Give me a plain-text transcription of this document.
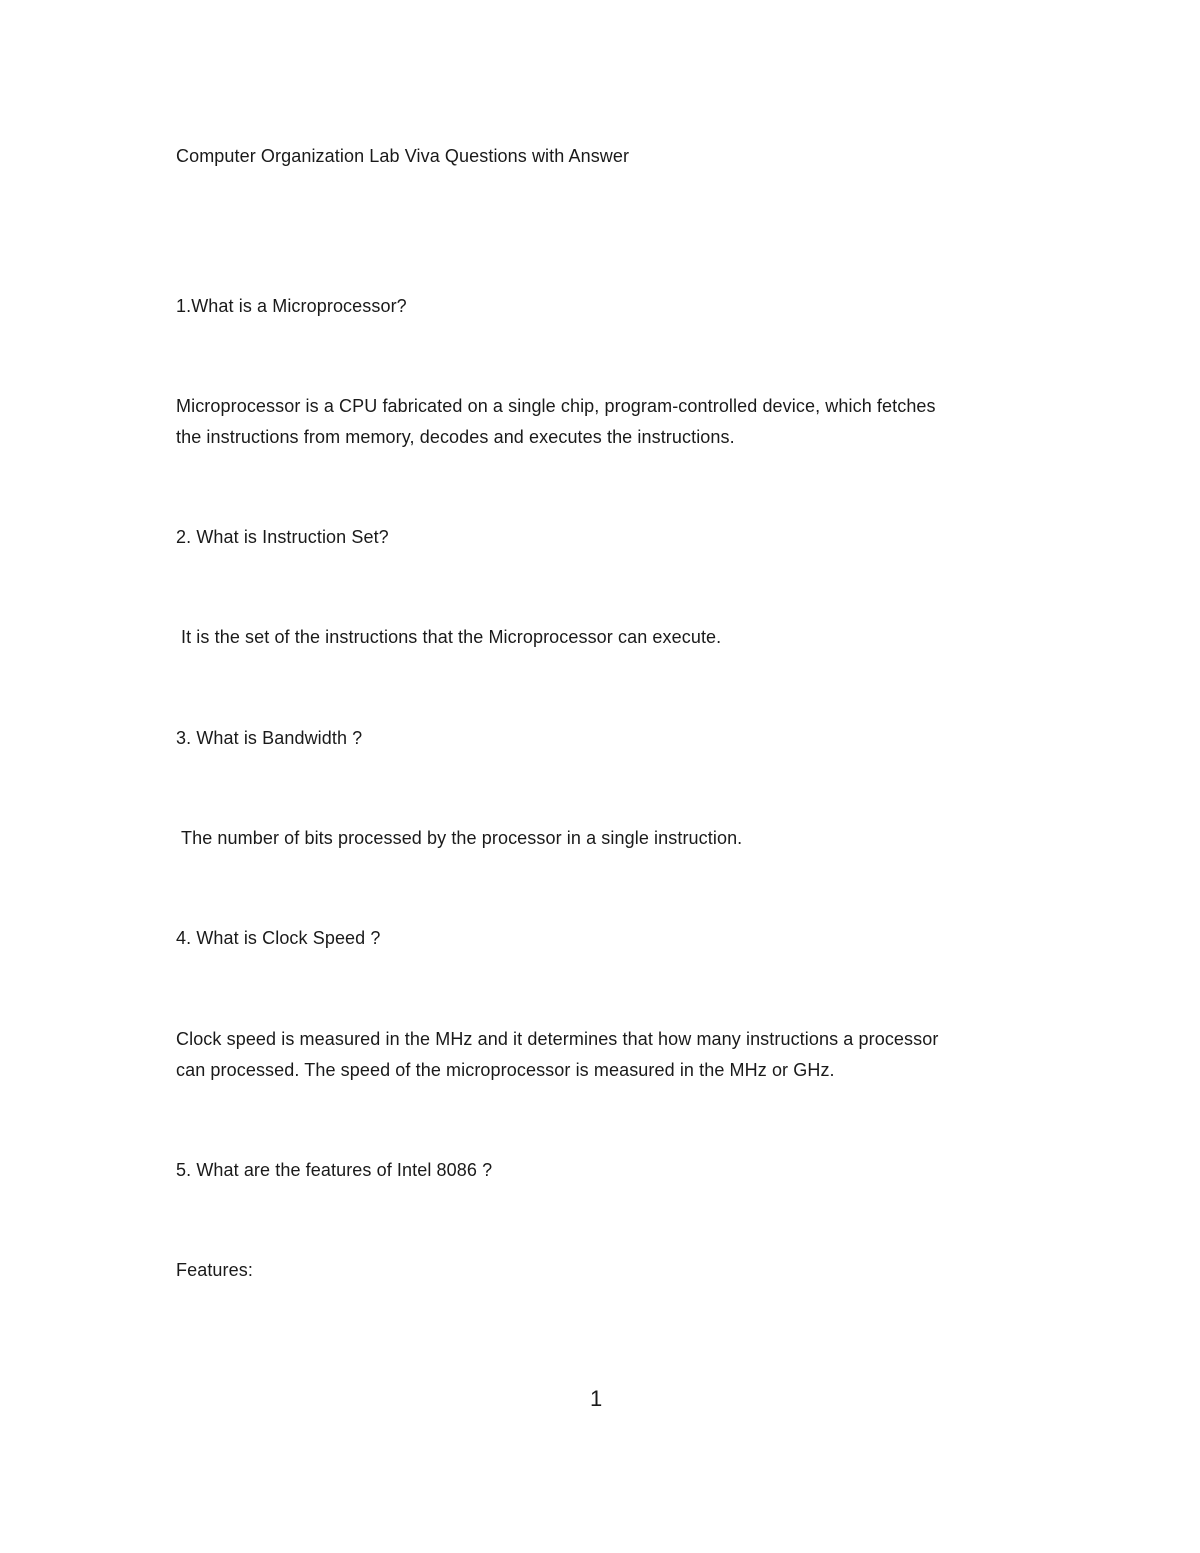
Computer Organization Lab Viva Questions with Answer
1.What is a Microprocessor?
Microprocessor is a CPU fabricated on a single chip, program-controlled device, which fetches
the instructions from memory, decodes and executes the instructions.
2. What is Instruction Set?
It is the set of the instructions that the Microprocessor can execute.
3. What is Bandwidth ?
The number of bits processed by the processor in a single instruction.
4. What is Clock Speed ?
Clock speed is measured in the MHz and it determines that how many instructions a processor
can processed. The speed of the microprocessor is measured in the MHz or GHz.
5. What are the features of Intel 8086 ?
Features:
1
